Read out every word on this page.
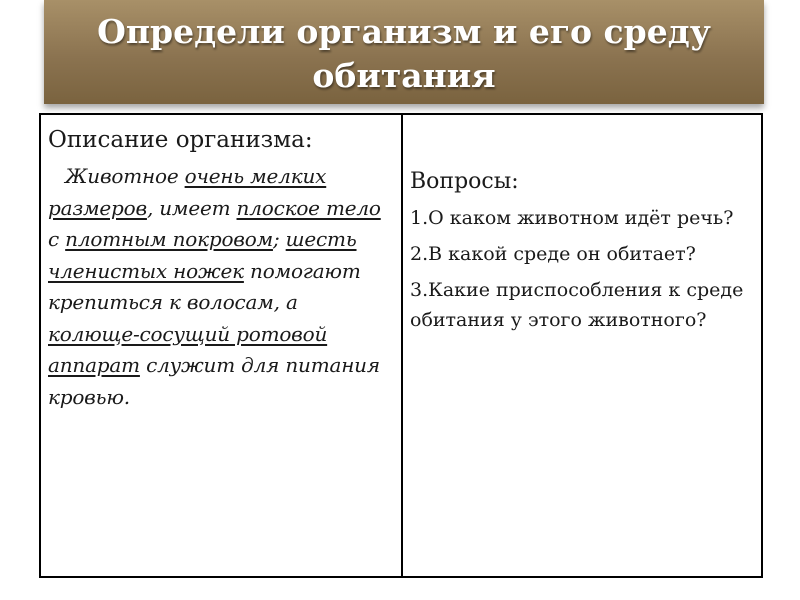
Определи организм и его среду обитания

Описание организма:

Животное очень мелких размеров, имеет плоское тело с плотным покровом; шесть членистых ножек помогают крепиться к волосам, а колюще-сосущий ротовой аппарат служит для питания кровью.

Вопросы:

1.О каком животном идёт речь?

2.В какой среде он обитает?

3.Какие приспособления к среде обитания у этого животного?
